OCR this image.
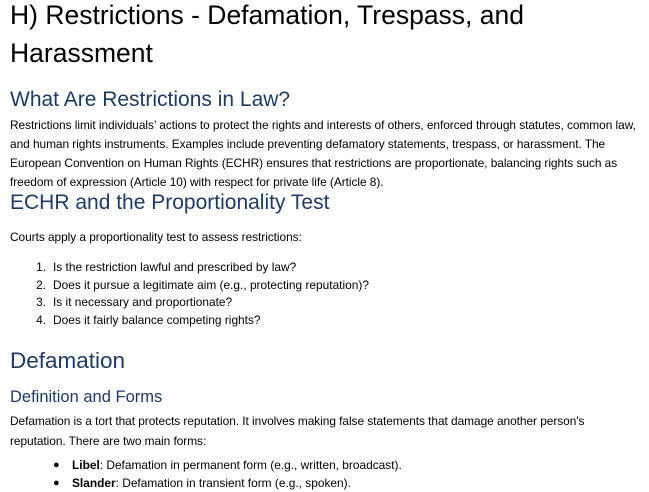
H) Restrictions - Defamation, Trespass, and
Harassment
What Are Restrictions in Law?

Restrictions limit individuals’ actions to protect the rights and interests of others, enforced through statutes, common law, and human rights instruments. Examples include preventing defamatory statements, trespass, or harassment. The European Convention on Human Rights (ECHR) ensures that restrictions are proportionate, balancing rights such as freedom of expression (Article 10) with respect for private life (Article 8).

ECHR and the Proportionality Test

Courts apply a proportionality test to assess restrictions:

1. Is the restriction lawful and prescribed by law?
2. Does it pursue a legitimate aim (e.g., protecting reputation)?
3. Is it necessary and proportionate?
4. Does it fairly balance competing rights?
Defamation
Definition and Forms

Defamation is a tort that protects reputation. It involves making false statements that damage another person's reputation. There are two main forms:

● Libel: Defamation in permanent form (e.g., written, broadcast).
● Slander: Defamation in transient form (e.g., spoken).
